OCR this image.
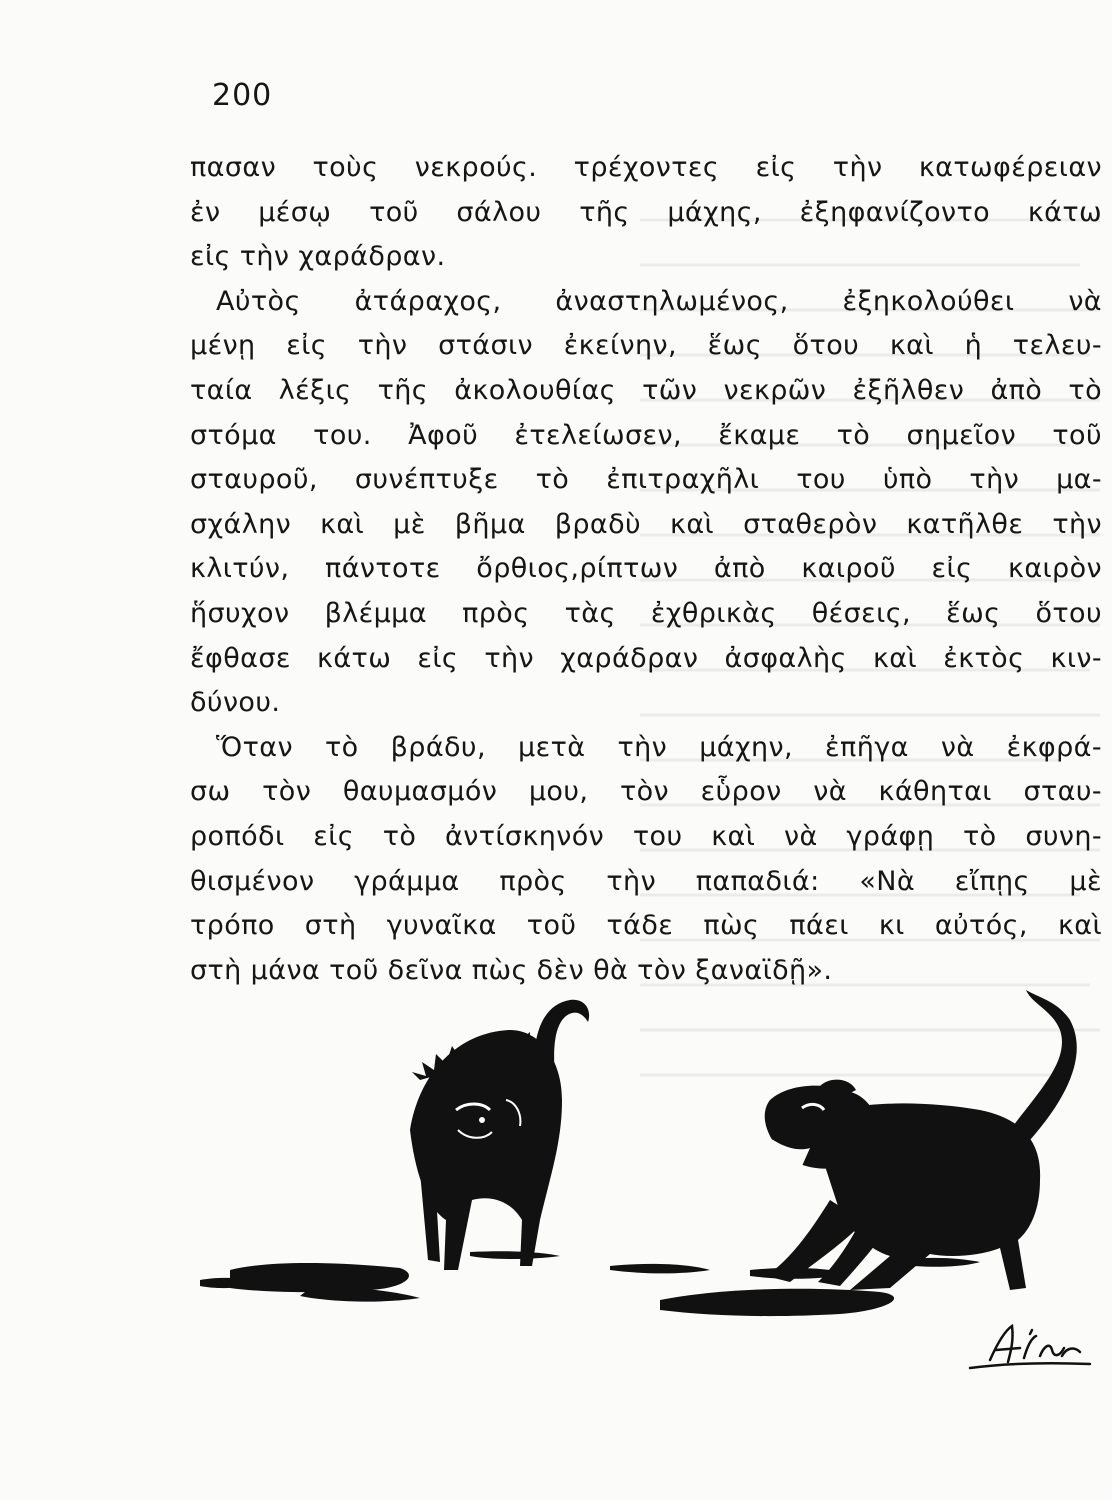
200
πασαν τοὺς νεκρούς. τρέχοντες εἰς τὴν κατωφέρειαν
ἐν μέσῳ τοῦ σάλου τῆς μάχης, ἐξηφανίζοντο κάτω
εἰς τὴν χαράδραν.
Αὐτὸς ἀτάραχος, ἀναστηλωμένος, ἐξηκολούθει νὰ
μένῃ εἰς τὴν στάσιν ἐκείνην, ἕως ὅτου καὶ ἡ τελευ-
ταία λέξις τῆς ἀκολουθίας τῶν νεκρῶν ἐξῆλθεν ἀπὸ τὸ
στόμα του. Ἀφοῦ ἐτελείωσεν, ἔκαμε τὸ σημεῖον τοῦ
σταυροῦ, συνέπτυξε τὸ ἐπιτραχῆλι του ὑπὸ τὴν μα-
σχάλην καὶ μὲ βῆμα βραδὺ καὶ σταθερὸν κατῆλθε τὴν
κλιτύν, πάντοτε ὄρθιος,ρίπτων ἀπὸ καιροῦ εἰς καιρὸν
ἥσυχον βλέμμα πρὸς τὰς ἐχθρικὰς θέσεις, ἕως ὅτου
ἔφθασε κάτω εἰς τὴν χαράδραν ἀσφαλὴς καὶ ἐκτὸς κιν-
δύνου.
Ὅταν τὸ βράδυ, μετὰ τὴν μάχην, ἐπῆγα νὰ ἐκφρά-
σω τὸν θαυμασμόν μου, τὸν εὗρον νὰ κάθηται σταυ-
ροπόδι εἰς τὸ ἀντίσκηνόν του καὶ νὰ γράφῃ τὸ συνη-
θισμένον γράμμα πρὸς τὴν παπαδιά: «Νὰ εἴπῃς μὲ
τρόπο στὴ γυναῖκα τοῦ τάδε πὼς πάει κι αὐτός, καὶ
στὴ μάνα τοῦ δεῖνα πὼς δὲν θὰ τὸν ξαναϊδῇ».
